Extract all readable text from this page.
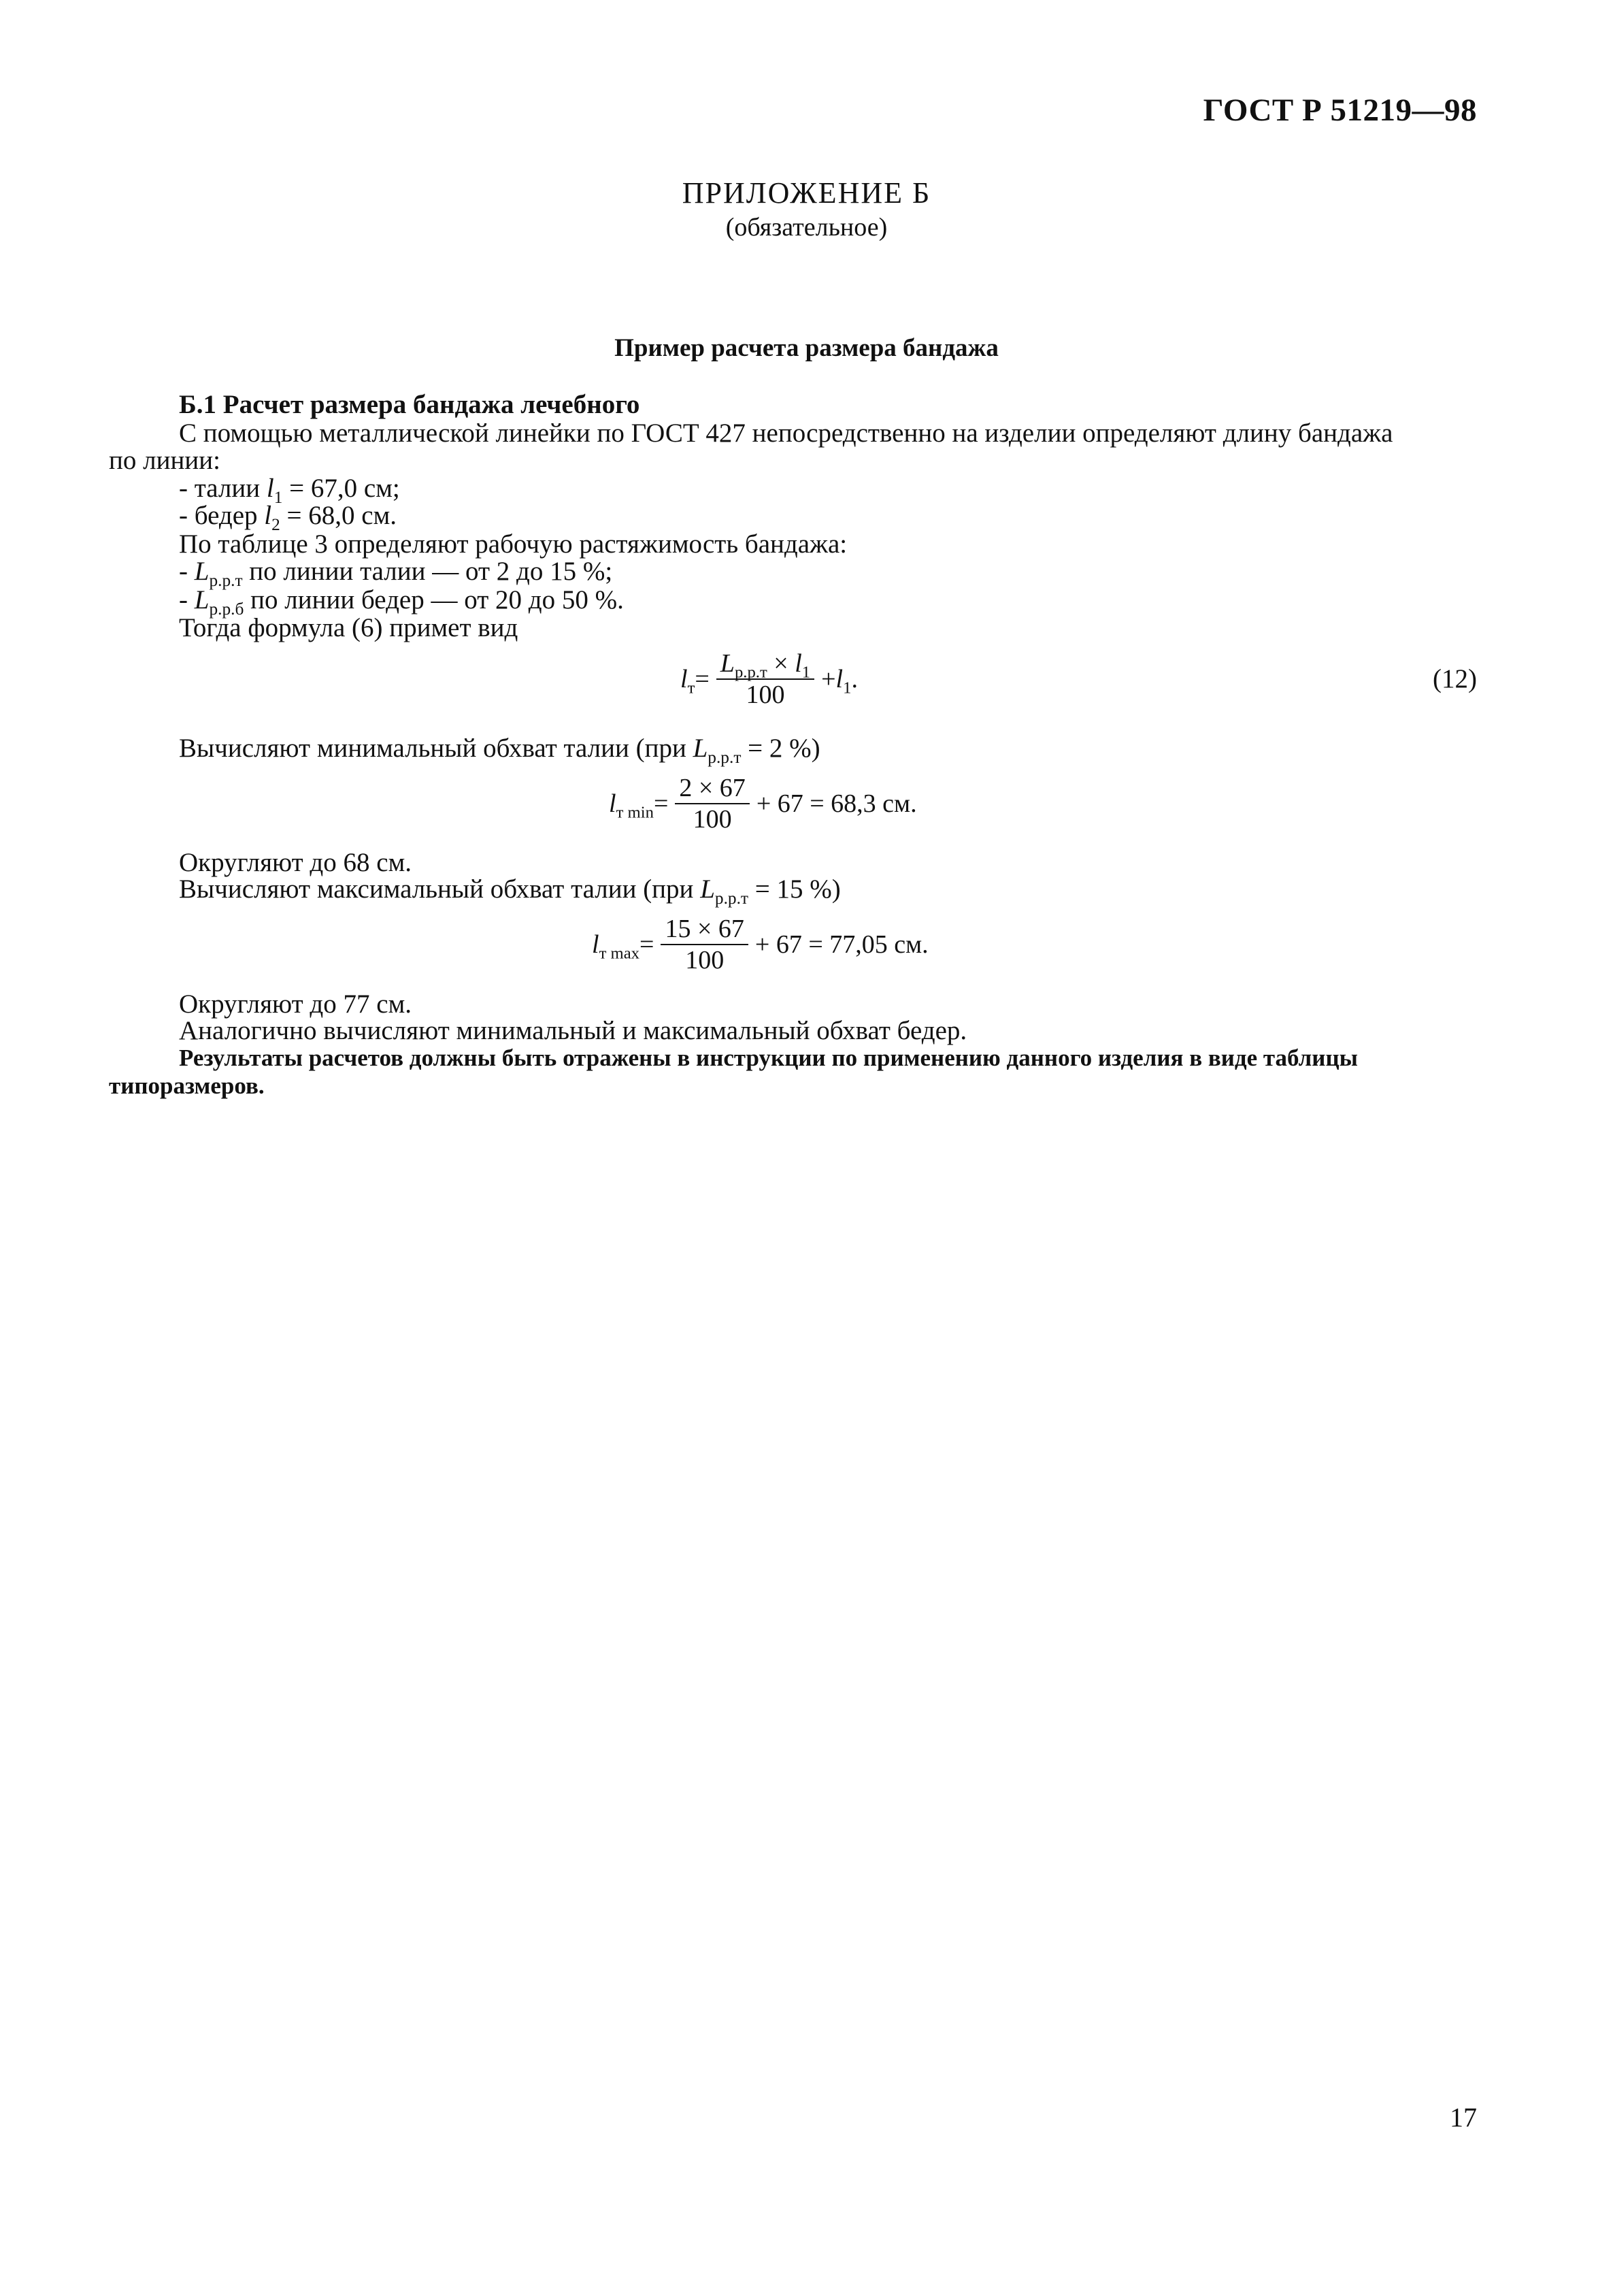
ГОСТ Р 51219—98
ПРИЛОЖЕНИЕ Б
(обязательное)
Пример расчета размера бандажа
Б.1 Расчет размера бандажа лечебного
С помощью металлической линейки по ГОСТ 427 непосредственно на изделии определяют длину бандажа
по линии:
- талии $l_1 = 67,0$ см;
- бедер $l_2 = 68,0$ см.
По таблице 3 определяют рабочую растяжимость бандажа:
- $L_{р.р.т}$ по линии талии — от 2 до 15 %;
- $L_{р.р.б}$ по линии бедер — от 20 до 50 %.
Тогда формула (6) примет вид
$l_т = \frac{L_{р.р.т} \times l_1}{100} + l_1$.	(12)
Вычисляют минимальный обхват талии (при $L_{р.р.т} = 2$ %)
$l_{т min} = \frac{2 \times 67}{100} + 67 = 68,3$ см.
Округляют до 68 см.
Вычисляют максимальный обхват талии (при $L_{р.р.т} = 15$ %)
$l_{т max} = \frac{15 \times 67}{100} + 67 = 77,05$ см.
Округляют до 77 см.
Аналогично вычисляют минимальный и максимальный обхват бедер.
Результаты расчетов должны быть отражены в инструкции по применению данного изделия в виде таблицы
типоразмеров.
17
